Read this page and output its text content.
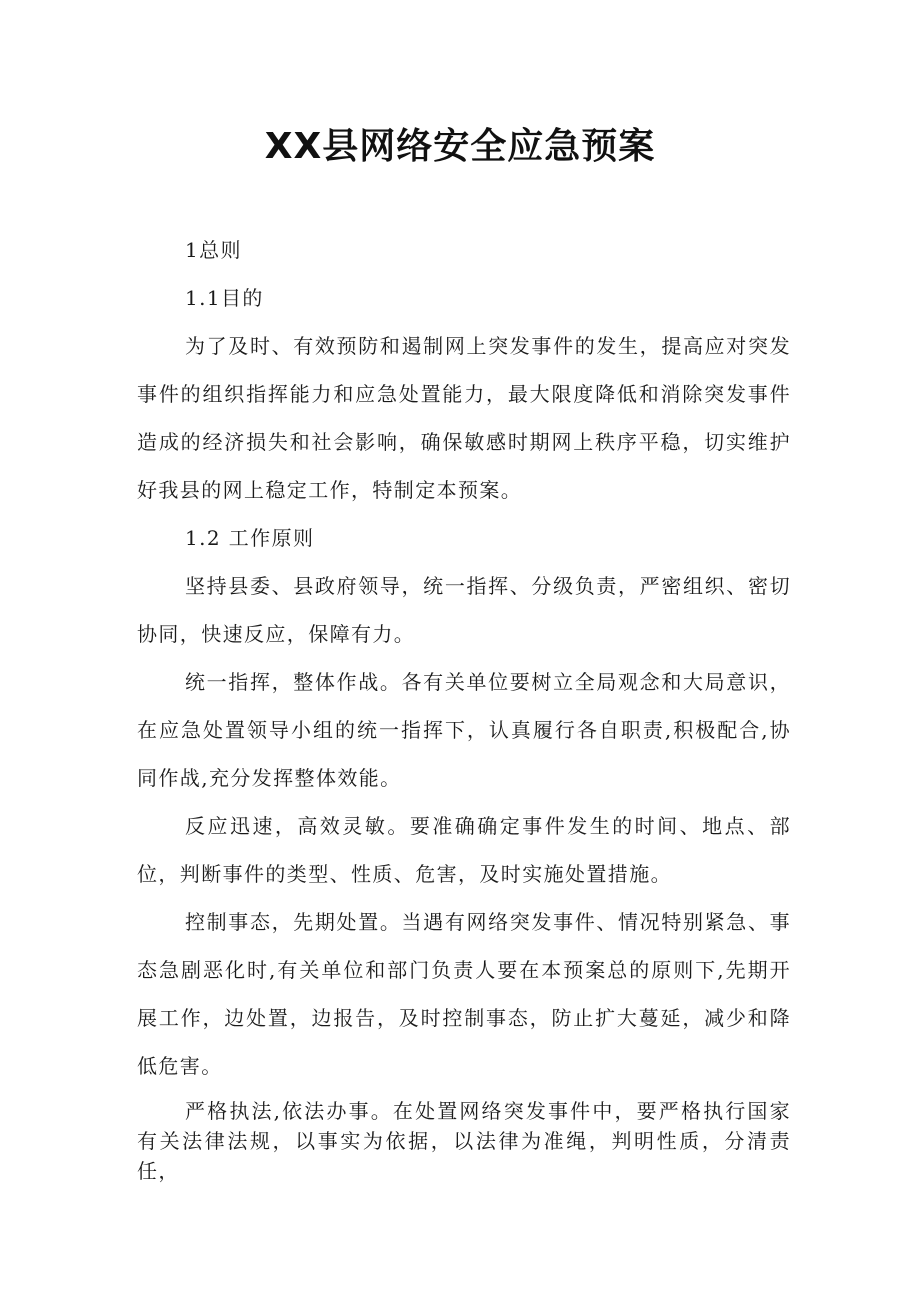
XX县网络安全应急预案

1总则

1.1目的

为了及时、有效预防和遏制网上突发事件的发生，提高应对突发事件的组织指挥能力和应急处置能力，最大限度降低和消除突发事件造成的经济损失和社会影响，确保敏感时期网上秩序平稳，切实维护好我县的网上稳定工作，特制定本预案。

1.2 工作原则

坚持县委、县政府领导，统一指挥、分级负责，严密组织、密切协同，快速反应，保障有力。

统一指挥，整体作战。各有关单位要树立全局观念和大局意识，在应急处置领导小组的统一指挥下，认真履行各自职责,积极配合,协同作战,充分发挥整体效能。

反应迅速，高效灵敏。要准确确定事件发生的时间、地点、部位，判断事件的类型、性质、危害，及时实施处置措施。

控制事态，先期处置。当遇有网络突发事件、情况特别紧急、事态急剧恶化时,有关单位和部门负责人要在本预案总的原则下,先期开展工作，边处置，边报告，及时控制事态，防止扩大蔓延，减少和降低危害。

严格执法,依法办事。在处置网络突发事件中，要严格执行国家有关法律法规，以事实为依据，以法律为准绳，判明性质，分清责任，
